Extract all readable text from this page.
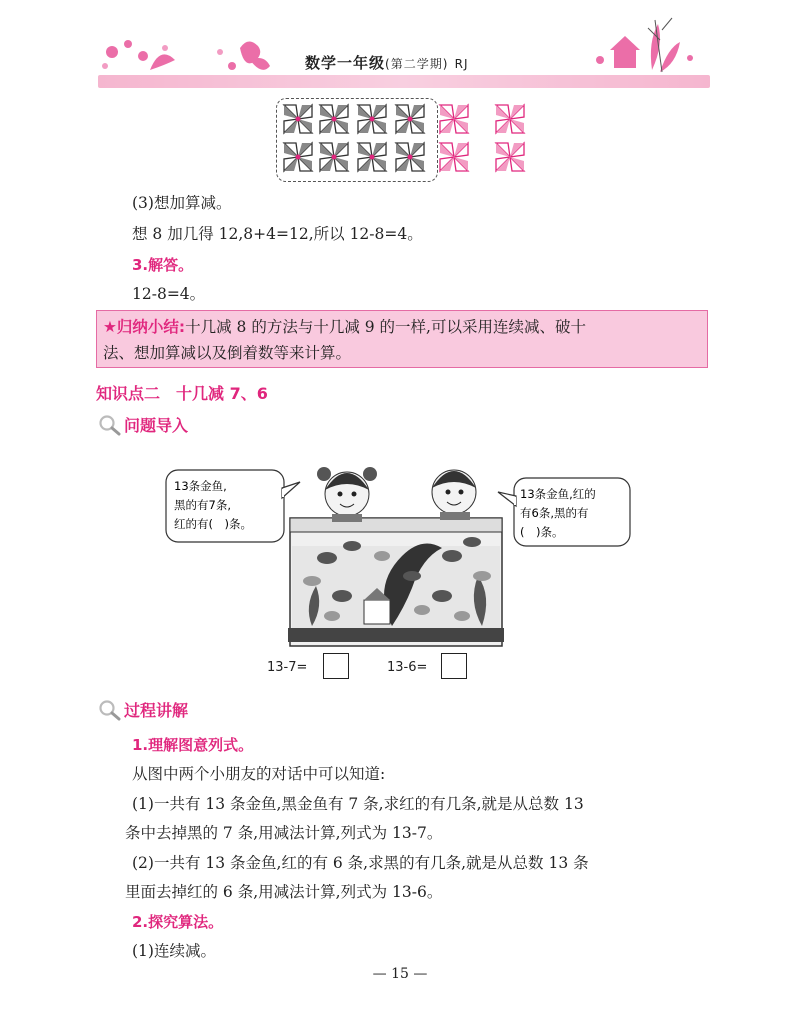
数学一年级(第二学期) RJ
(3)想加算减。
想 8 加几得 12,8+4=12,所以 12-8=4。
3.解答。
12-8=4。
★归纳小结:十几减 8 的方法与十几减 9 的一样,可以采用连续减、破十
法、想加算减以及倒着数等来计算。
知识点二　十几减 7、6
问题导入
13条金鱼,
黑的有7条,
红的有(　)条。
13条金鱼,红的
有6条,黑的有
(　)条。
13-7=	13-6=
过程讲解
1.理解图意列式。
从图中两个小朋友的对话中可以知道:
(1)一共有 13 条金鱼,黑金鱼有 7 条,求红的有几条,就是从总数 13
条中去掉黑的 7 条,用减法计算,列式为 13-7。
(2)一共有 13 条金鱼,红的有 6 条,求黑的有几条,就是从总数 13 条
里面去掉红的 6 条,用减法计算,列式为 13-6。
2.探究算法。
(1)连续减。
— 15 —
